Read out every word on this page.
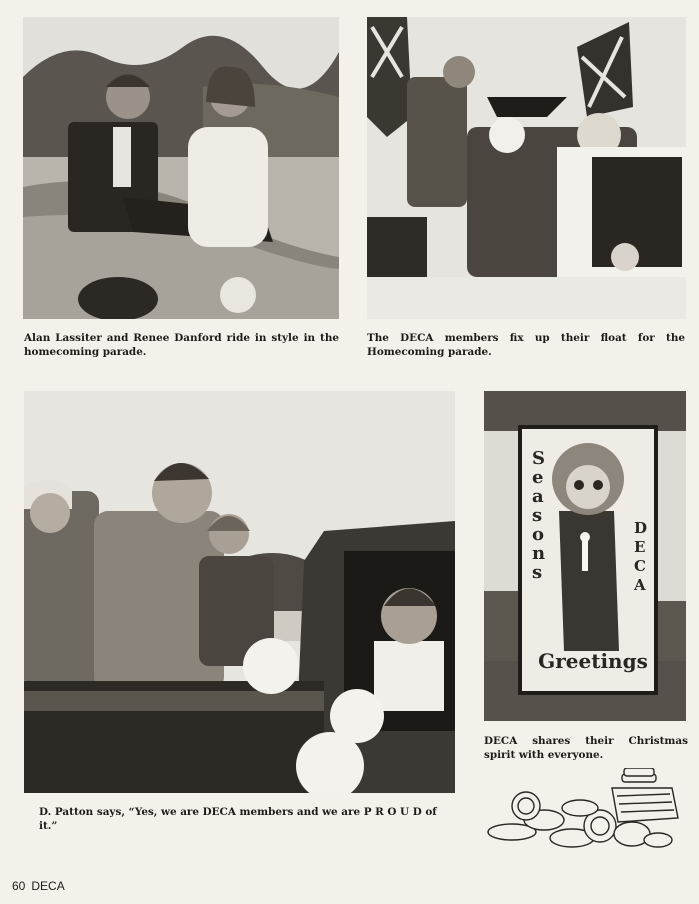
Alan Lassiter and Renee Danford ride in style in the homecoming parade.

The DECA members fix up their float for the Homecoming parade.

D. Patton says, “Yes, we are DECA members and we are P R O U D of it.”

Seasons
DECA
Greetings

DECA shares their Christmas spirit with everyone.

60 DECA
